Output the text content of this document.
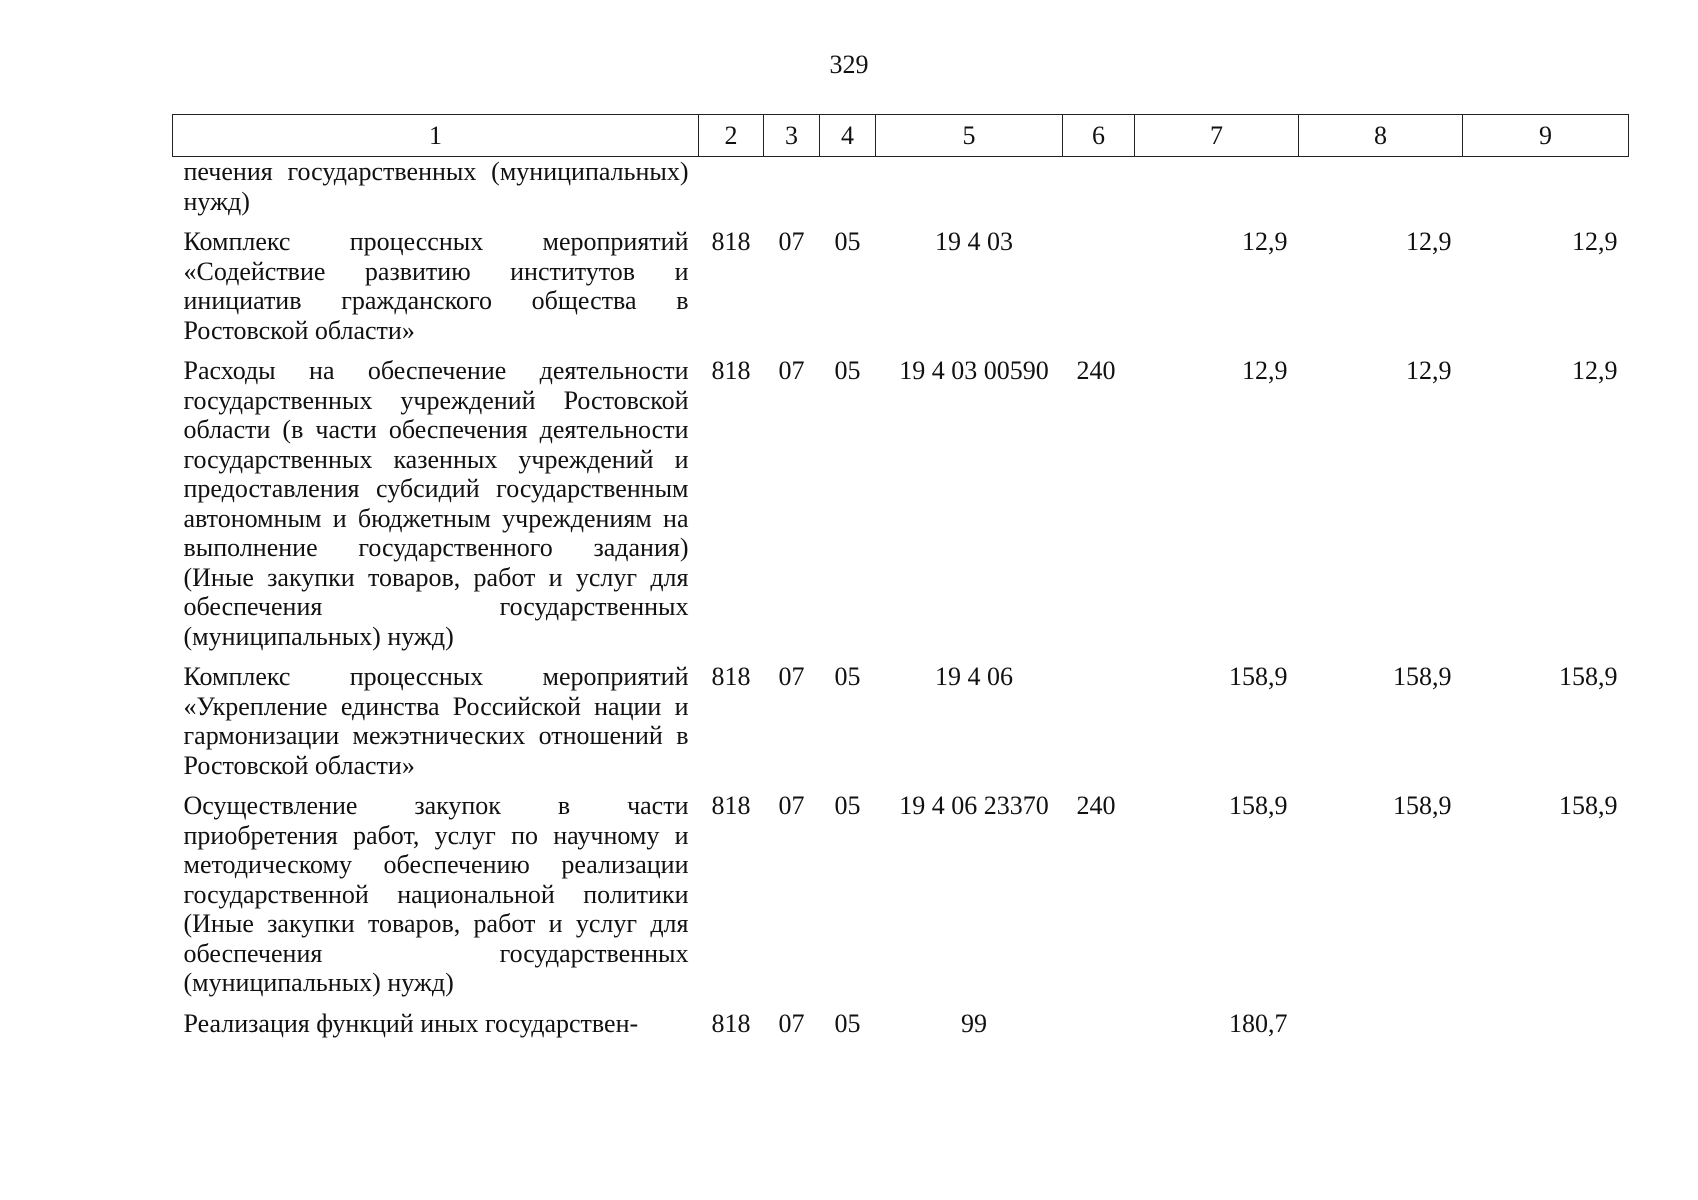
329
1	2	3	4	5	6	7	8	9
печения государственных (муниципальных) нужд)								
Комплекс процессных мероприятий «Содействие развитию институтов и инициатив гражданского общества в Ростовской области»	818	07	05	19 4 03		12,9	12,9	12,9
Расходы на обеспечение деятельности государственных учреждений Ростовской области (в части обеспечения деятельности государственных казенных учреждений и предоставления субсидий государственным автономным и бюджетным учреждениям на выполнение государственного задания) (Иные закупки товаров, работ и услуг для обеспечения государственных (муниципальных) нужд)	818	07	05	19 4 03 00590	240	12,9	12,9	12,9
Комплекс процессных мероприятий «Укрепление единства Российской нации и гармонизации межэтнических отношений в Ростовской области»	818	07	05	19 4 06		158,9	158,9	158,9
Осуществление закупок в части приобретения работ, услуг по научному и методическому обеспечению реализации государственной национальной политики (Иные закупки товаров, работ и услуг для обеспечения государственных (муниципальных) нужд)	818	07	05	19 4 06 23370	240	158,9	158,9	158,9
Реализация функций иных государствен-	818	07	05	99		180,7		
